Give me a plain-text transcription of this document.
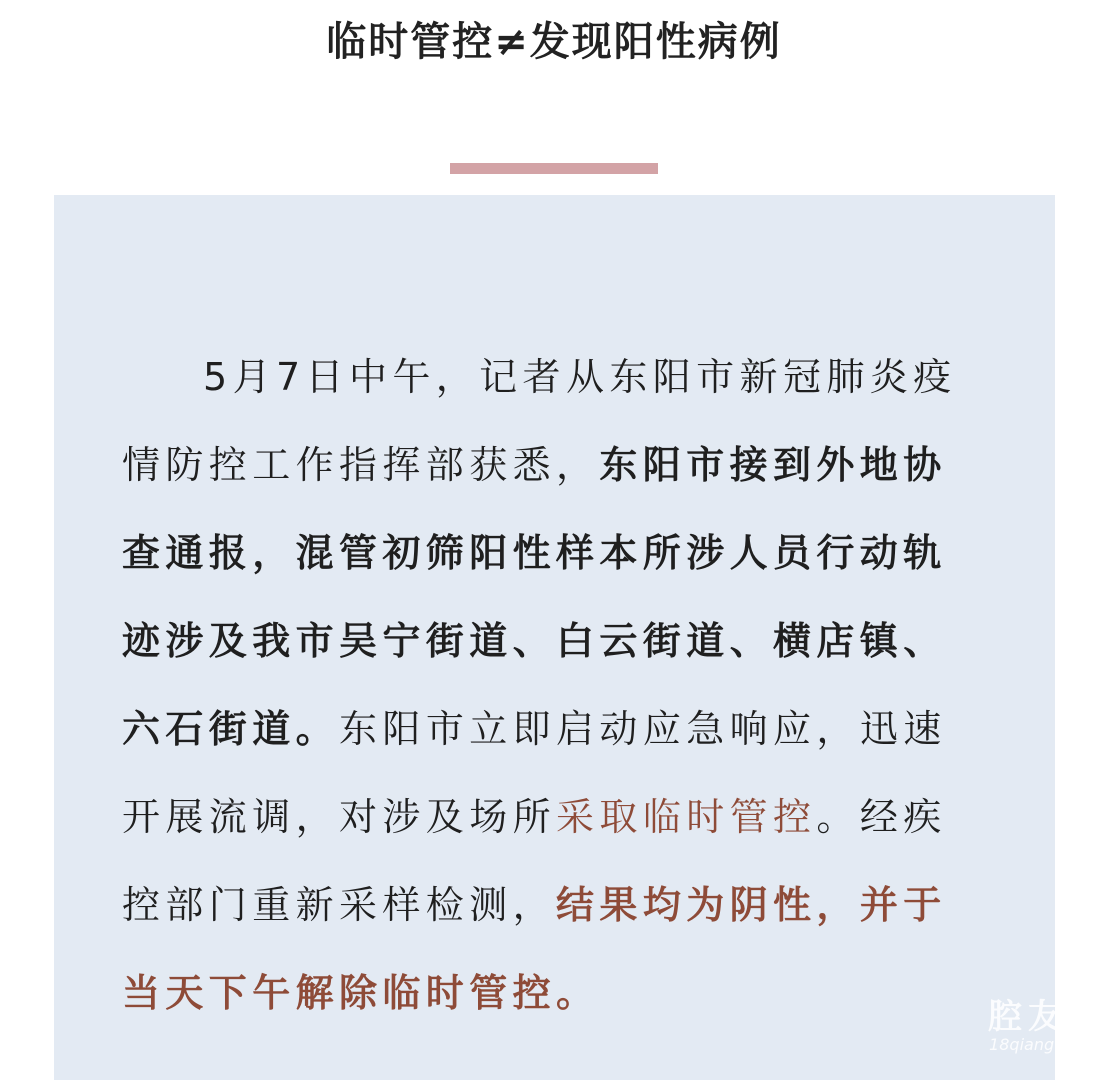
临时管控≠发现阳性病例

5月7日中午，记者从东阳市新冠肺炎疫情防控工作指挥部获悉，东阳市接到外地协查通报，混管初筛阳性样本所涉人员行动轨迹涉及我市吴宁街道、白云街道、横店镇、六石街道。东阳市立即启动应急响应，迅速开展流调，对涉及场所采取临时管控。经疾控部门重新采样检测，结果均为阴性，并于当天下午解除临时管控。

腔友
18qiang.c
